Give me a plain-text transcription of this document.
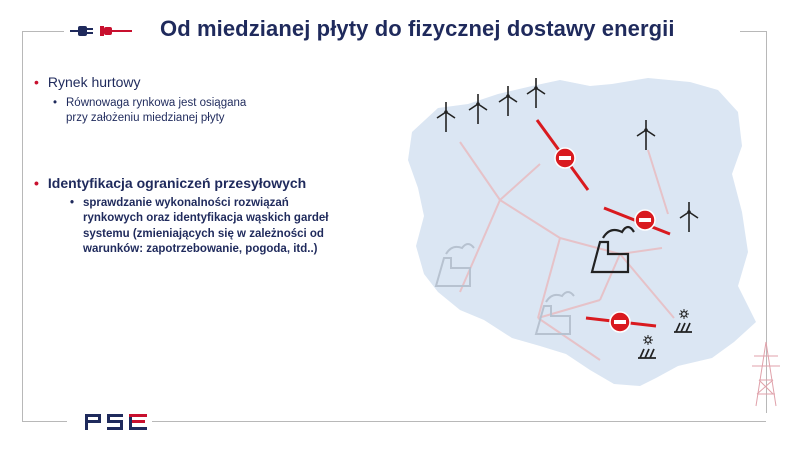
Od miedzianej płyty do fizycznej dostawy energii
• Rynek hurtowy
• Równowaga rynkowa jest osiągana
przy założeniu miedzianej płyty
• Identyfikacja ograniczeń przesyłowych
• sprawdzanie wykonalności rozwiązań
rynkowych oraz identyfikacja wąskich gardeł
systemu (zmieniających się w zależności od
warunków: zapotrzebowanie, pogoda, itd..)
